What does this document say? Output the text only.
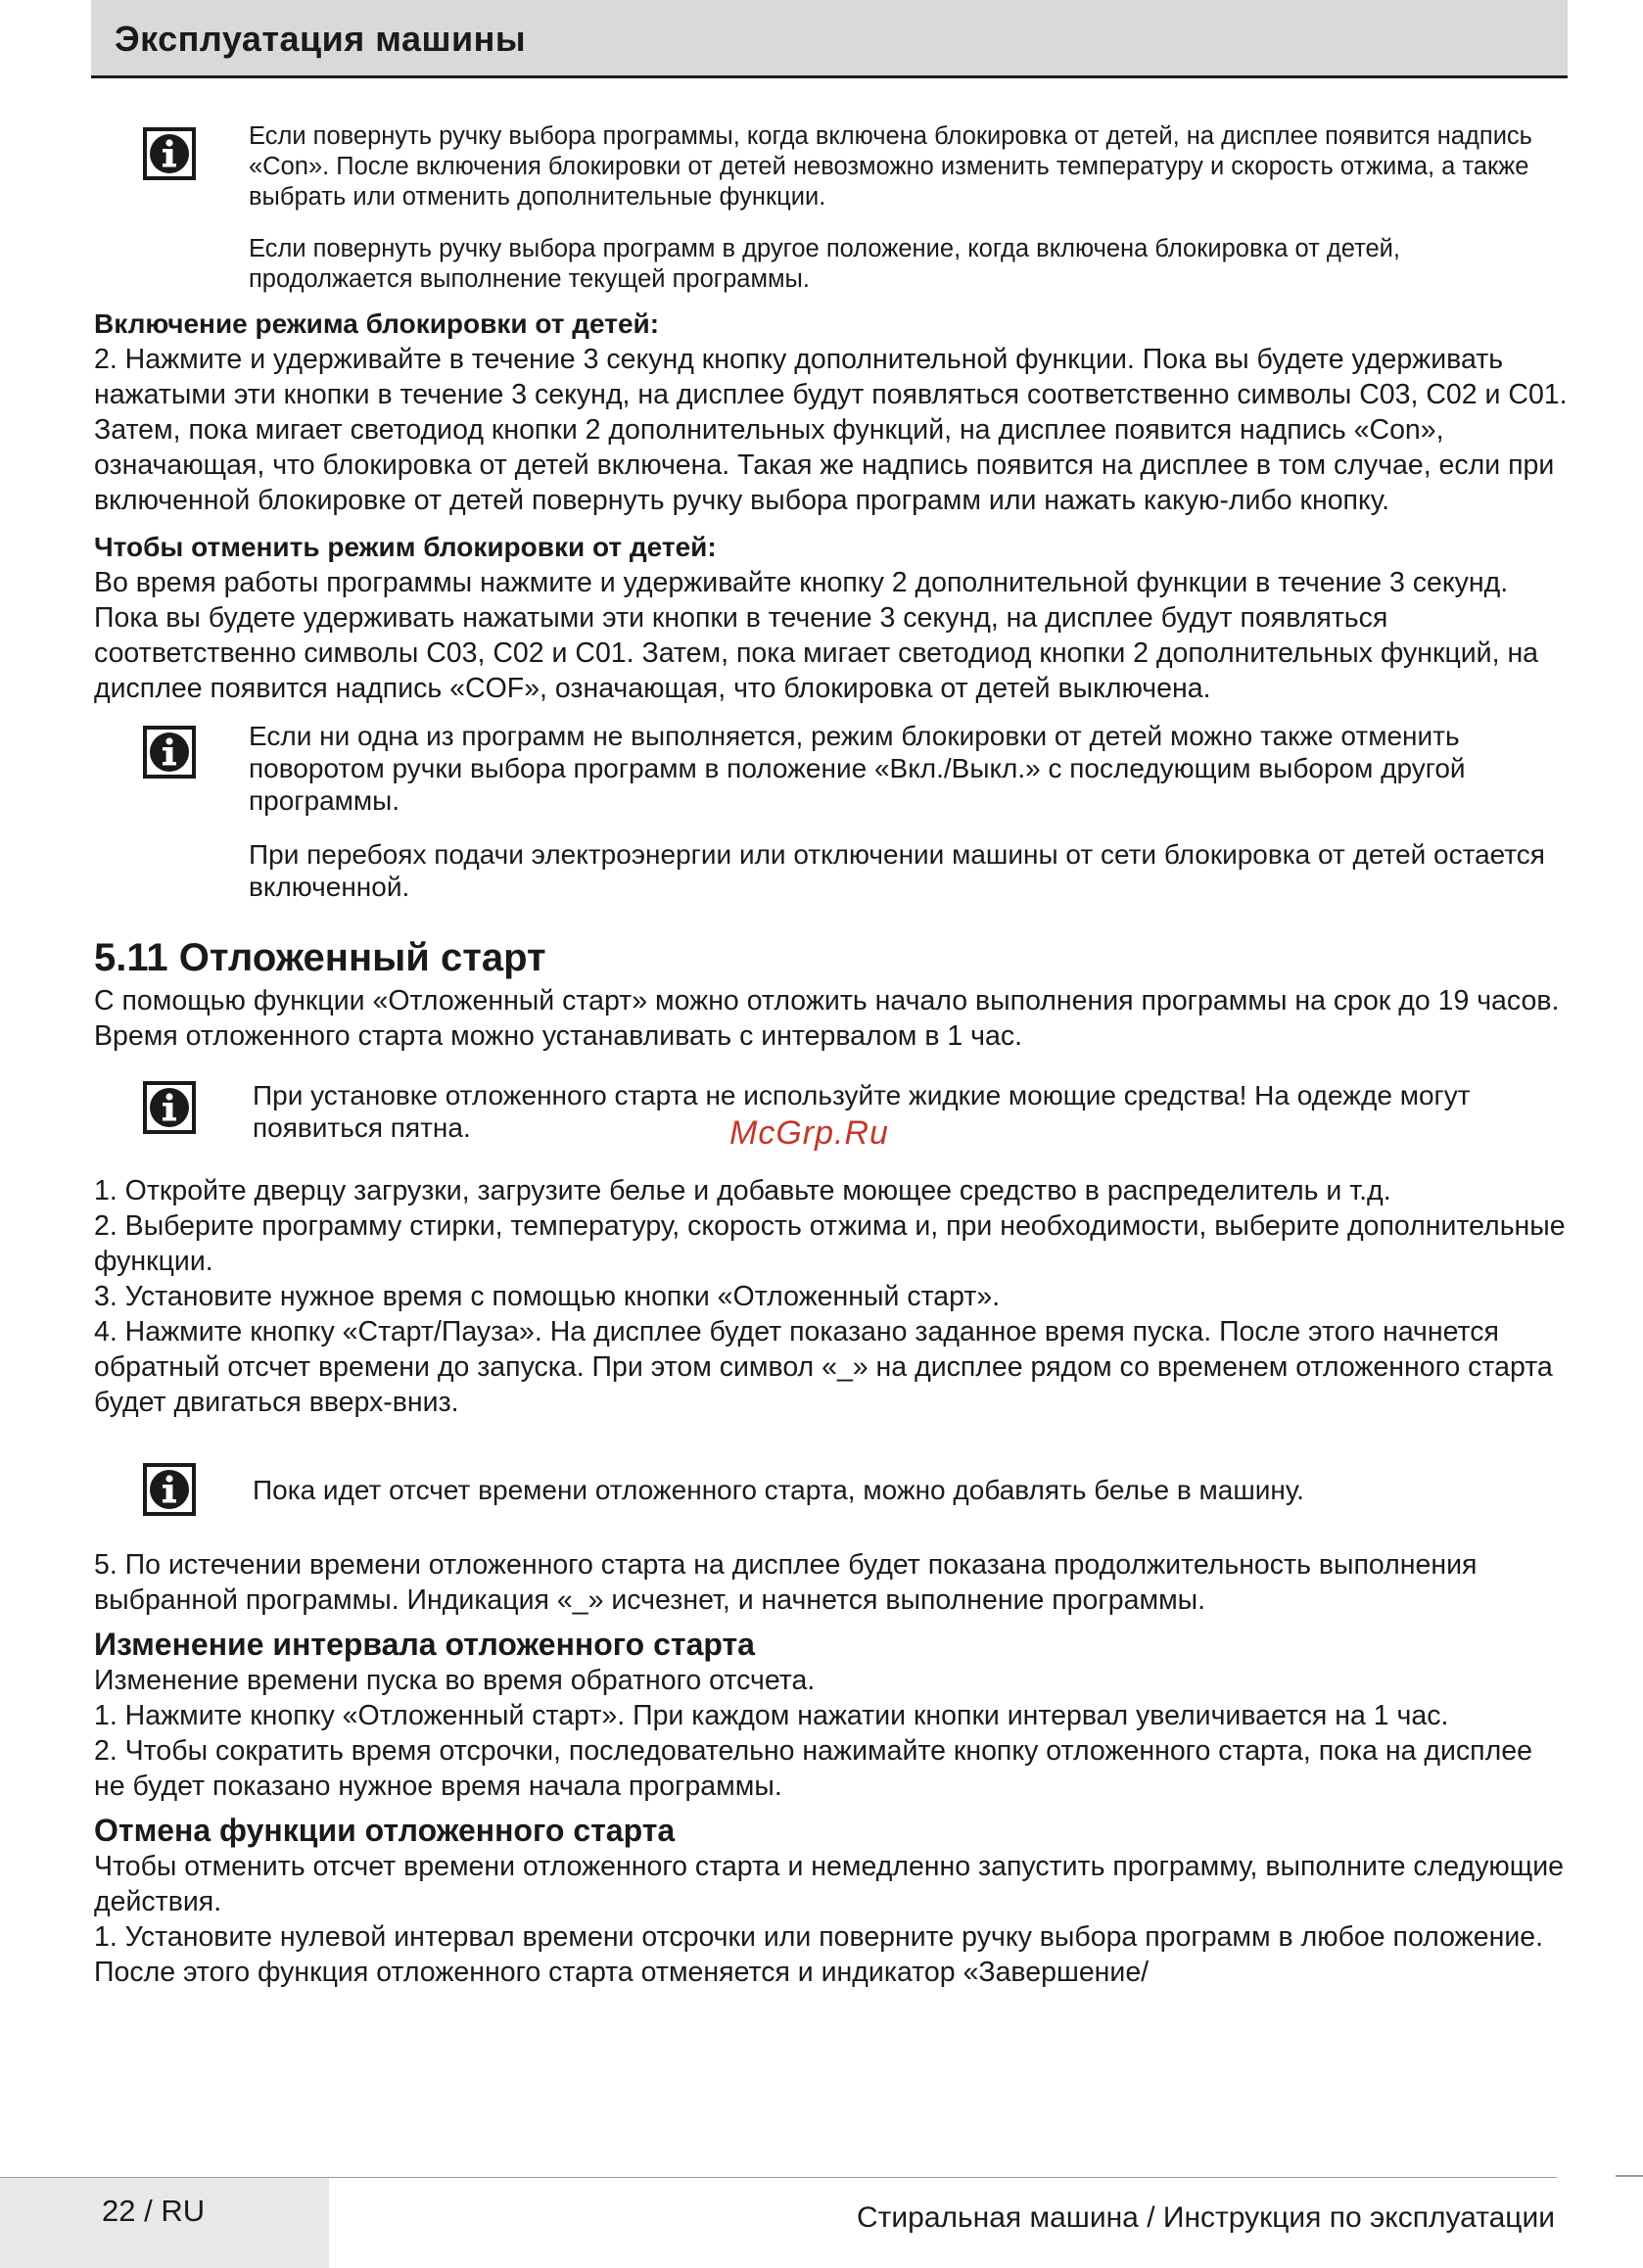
Эксплуатация машины

Если повернуть ручку выбора программы, когда включена блокировка от детей, на дисплее появится надпись «Con». После включения блокировки от детей невозможно изменить температуру и скорость отжима, а также выбрать или отменить дополнительные функции.

Если повернуть ручку выбора программ в другое положение, когда включена блокировка от детей, продолжается выполнение текущей программы.

Включение режима блокировки от детей:

2. Нажмите и удерживайте в течение 3 секунд кнопку дополнительной функции. Пока вы будете удерживать нажатыми эти кнопки в течение 3 секунд, на дисплее будут появляться соответственно символы C03, C02 и C01. Затем, пока мигает светодиод кнопки 2 дополнительных функций, на дисплее появится надпись «Con», означающая, что блокировка от детей включена. Такая же надпись появится на дисплее в том случае, если при включенной блокировке от детей повернуть ручку выбора программ или нажать какую-либо кнопку.

Чтобы отменить режим блокировки от детей:

Во время работы программы нажмите и удерживайте кнопку 2 дополнительной функции в течение 3 секунд. Пока вы будете удерживать нажатыми эти кнопки в течение 3 секунд, на дисплее будут появляться соответственно символы C03, C02 и C01. Затем, пока мигает светодиод кнопки 2 дополнительных функций, на дисплее появится надпись «COF», означающая, что блокировка от детей выключена.

Если ни одна из программ не выполняется, режим блокировки от детей можно также отменить поворотом ручки выбора программ в положение «Вкл./Выкл.» с последующим выбором другой программы.

При перебоях подачи электроэнергии или отключении машины от сети блокировка от детей остается включенной.

5.11 Отложенный старт

С помощью функции «Отложенный старт» можно отложить начало выполнения программы на срок до 19 часов. Время отложенного старта можно устанавливать с интервалом в 1 час.

При установке отложенного старта не используйте жидкие моющие средства! На одежде могут появиться пятна.

1. Откройте дверцу загрузки, загрузите белье и добавьте моющее средство в распределитель и т.д.

2. Выберите программу стирки, температуру, скорость отжима и, при необходимости, выберите дополнительные функции.

3. Установите нужное время с помощью кнопки «Отложенный старт».

4. Нажмите кнопку «Старт/Пауза». На дисплее будет показано заданное время пуска. После этого начнется обратный отсчет времени до запуска. При этом символ «_» на дисплее рядом со временем отложенного старта будет двигаться вверх-вниз.

Пока идет отсчет времени отложенного старта, можно добавлять белье в машину.

5. По истечении времени отложенного старта на дисплее будет показана продолжительность выполнения выбранной программы. Индикация «_» исчезнет, и начнется выполнение программы.

Изменение интервала отложенного старта

Изменение времени пуска во время обратного отсчета.

1. Нажмите кнопку «Отложенный старт». При каждом нажатии кнопки интервал увеличивается на 1 час.

2. Чтобы сократить время отсрочки, последовательно нажимайте кнопку отложенного старта, пока на дисплее не будет показано нужное время начала программы.

Отмена функции отложенного старта

Чтобы отменить отсчет времени отложенного старта и немедленно запустить программу, выполните следующие действия.

1. Установите нулевой интервал времени отсрочки или поверните ручку выбора программ в любое положение. После этого функция отложенного старта отменяется и индикатор «Завершение/

McGrp.Ru
22 / RU	Стиральная машина / Инструкция по эксплуатации
